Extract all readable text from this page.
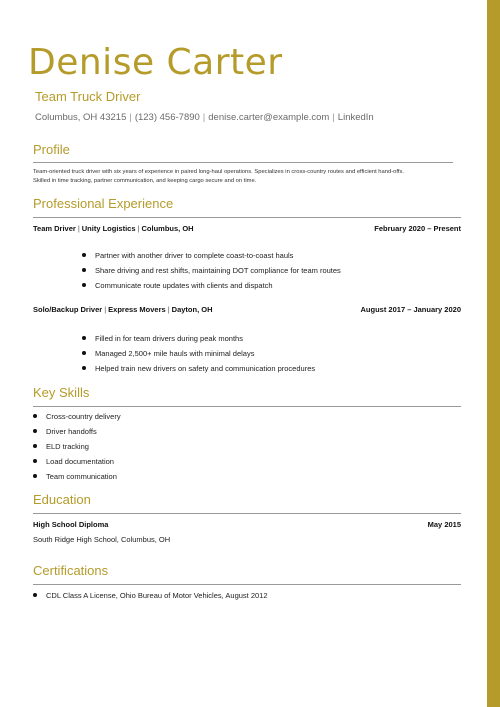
Denise Carter
Team Truck Driver
Columbus, OH 43215 | (123) 456-7890 | denise.carter@example.com | LinkedIn
Profile
Team-oriented truck driver with six years of experience in paired long-haul operations. Specializes in cross-country routes and efficient hand-offs.
Skilled in time tracking, partner communication, and keeping cargo secure and on time.
Professional Experience
Team Driver | Unity Logistics | Columbus, OH	February 2020 – Present
Partner with another driver to complete coast-to-coast hauls
Share driving and rest shifts, maintaining DOT compliance for team routes
Communicate route updates with clients and dispatch
Solo/Backup Driver | Express Movers | Dayton, OH	August 2017 – January 2020
Filled in for team drivers during peak months
Managed 2,500+ mile hauls with minimal delays
Helped train new drivers on safety and communication procedures
Key Skills
Cross-country delivery
Driver handoffs
ELD tracking
Load documentation
Team communication
Education
High School Diploma	May 2015
South Ridge High School, Columbus, OH
Certifications
CDL Class A License, Ohio Bureau of Motor Vehicles, August 2012
